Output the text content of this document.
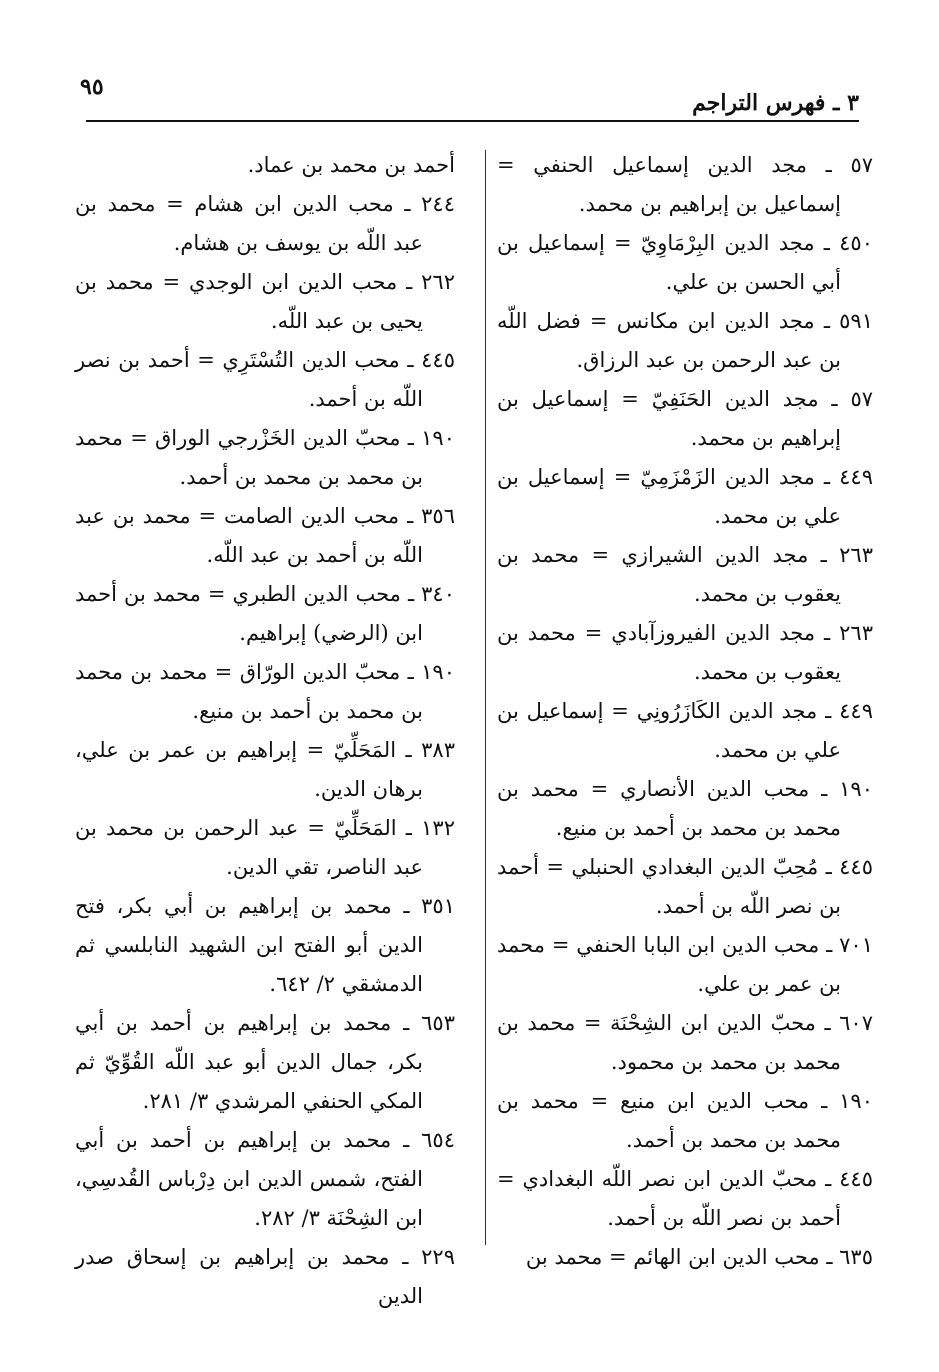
٩٥
٣ ـ فهرس التراجم
٥٧ ـ مجد الدين إسماعيل الحنفي = إسماعيل بن إبراهيم بن محمد.
٤٥٠ ـ مجد الدين البِرْمَاوِيّ = إسماعيل بن أبي الحسن بن علي.
٥٩١ ـ مجد الدين ابن مكانس = فضل اللّه بن عبد الرحمن بن عبد الرزاق.
٥٧ ـ مجد الدين الحَنَفِيّ = إسماعيل بن إبراهيم بن محمد.
٤٤٩ ـ مجد الدين الزَمْزَمِيّ = إسماعيل بن علي بن محمد.
٢٦٣ ـ مجد الدين الشيرازي = محمد بن يعقوب بن محمد.
٢٦٣ ـ مجد الدين الفيروزآبادي = محمد بن يعقوب بن محمد.
٤٤٩ ـ مجد الدين الكَازَرُونِي = إسماعيل بن علي بن محمد.
١٩٠ ـ محب الدين الأنصاري = محمد بن محمد بن محمد بن أحمد بن منيع.
٤٤٥ ـ مُحِبّ الدين البغدادي الحنبلي = أحمد بن نصر اللّه بن أحمد.
٧٠١ ـ محب الدين ابن البابا الحنفي = محمد بن عمر بن علي.
٦٠٧ ـ محبّ الدين ابن الشِحْنَة = محمد بن محمد بن محمد بن محمود.
١٩٠ ـ محب الدين ابن منيع = محمد بن محمد بن محمد بن أحمد.
٤٤٥ ـ محبّ الدين ابن نصر اللّه البغدادي = أحمد بن نصر اللّه بن أحمد.
٦٣٥ ـ محب الدين ابن الهائم = محمد بن
أحمد بن محمد بن عماد.
٢٤٤ ـ محب الدين ابن هشام = محمد بن عبد اللّه بن يوسف بن هشام.
٢٦٢ ـ محب الدين ابن الوجدي = محمد بن يحيى بن عبد اللّه.
٤٤٥ ـ محب الدين التُسْتَرِي = أحمد بن نصر اللّه بن أحمد.
١٩٠ ـ محبّ الدين الخَزْرجي الوراق = محمد بن محمد بن محمد بن أحمد.
٣٥٦ ـ محب الدين الصامت = محمد بن عبد اللّه بن أحمد بن عبد اللّه.
٣٤٠ ـ محب الدين الطبري = محمد بن أحمد ابن (الرضي) إبراهيم.
١٩٠ ـ محبّ الدين الورّاق = محمد بن محمد بن محمد بن أحمد بن منيع.
٣٨٣ ـ المَحَلِّيّ = إبراهيم بن عمر بن علي، برهان الدين.
١٣٢ ـ المَحَلِّيّ = عبد الرحمن بن محمد بن عبد الناصر، تقي الدين.
٣٥١ ـ محمد بن إبراهيم بن أبي بكر، فتح الدين أبو الفتح ابن الشهيد النابلسي ثم الدمشقي ٢/ ٦٤٢.
٦٥٣ ـ محمد بن إبراهيم بن أحمد بن أبي بكر، جمال الدين أبو عبد اللّه القُوِّيّ ثم المكي الحنفي المرشدي ٣/ ٢٨١.
٦٥٤ ـ محمد بن إبراهيم بن أحمد بن أبي الفتح، شمس الدين ابن دِرْباس القُدسِي، ابن الشِحْنَة ٣/ ٢٨٢.
٢٢٩ ـ محمد بن إبراهيم بن إسحاق صدر الدين
